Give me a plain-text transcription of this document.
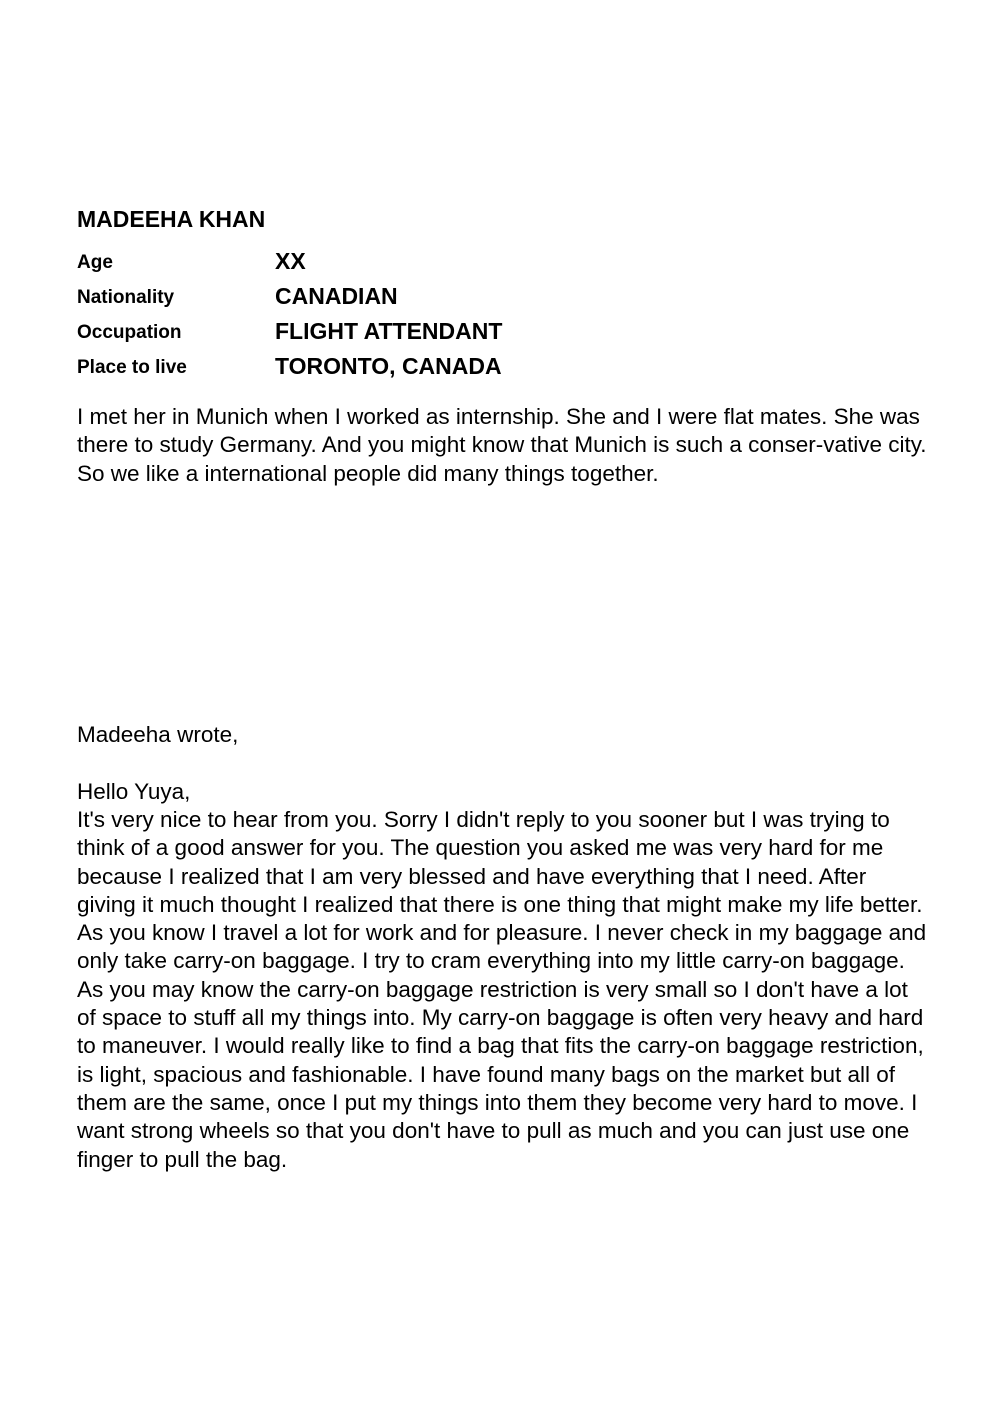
MADEEHA KHAN
Age	XX
Nationality	CANADIAN
Occupation	FLIGHT ATTENDANT
Place to live	TORONTO, CANADA

I met her in Munich when I worked as internship. She and I were flat mates. She was there to study Germany. And you might know that Munich is such a conser-vative city. So we like a international people did many things together.

Madeeha wrote,

Hello Yuya,

It's very nice to hear from you. Sorry I didn't reply to you sooner but I was trying to think of a good answer for you. The question you asked me was very hard for me because I realized that I am very blessed and have everything that I need. After giving it much thought I realized that there is one thing that might make my life better.

As you know I travel a lot for work and for pleasure. I never check in my baggage and only take carry-on baggage. I try to cram everything into my little carry-on baggage. As you may know the carry-on baggage restriction is very small so I don't have a lot of space to stuff all my things into. My carry-on baggage is often very heavy and hard to maneuver. I would really like to find a bag that fits the carry-on baggage restriction, is light, spacious and fashionable. I have found many bags on the market but all of them are the same, once I put my things into them they become very hard to move. I want strong wheels so that you don't have to pull as much and you can just use one finger to pull the bag.
